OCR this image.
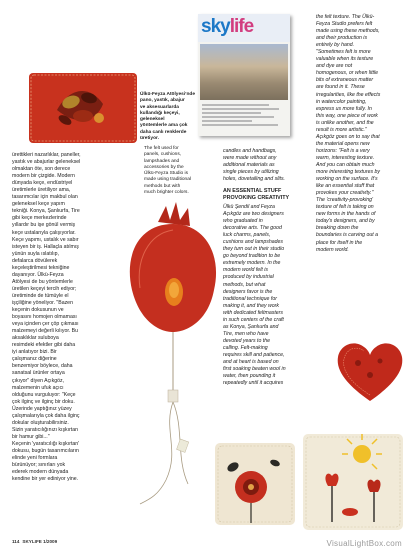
Ülkü-Feyza Atölyesi’nde
pano, yastık, abajur
ve aksesuarlarda
kullandığı keçeyi,
geleneksel
yöntemlerle ama çok
daha canlı renklerde
üretiyor.

The felt used for
panels, cushions,
lampshades and
accessories by the
Ülkü-Feyza Studio is
made using traditional
methods but with
much brighter colors.

skylife

ürettikleri nazarlıklar, paneller,
yastık ve abajurlar geleneksel
olmaktan öte, son derece
modern bir çizgide. Modern
dünyada keçe, endüstriyel
üretimlerle üretiliyor ama,
tasarımcılar için makbul olan
geleneksel keçe yapım
tekniği. Konya, Şanlıurfa, Tire
gibi keçe merkezlerinde
yıllardır bu işe gönül vermiş
keçe ustalarıyla çalışıyorlar.
Keçe yapımı, ustalık ve sabır
isteyen bir iş. Hallaçla atılmış
yünün suyla ıslatılıp,
defalarca dövülerek
keçeleştirilmesi tekniğine
dayanıyor. Ülkü-Feyza
Atölyesi de bu yöntemlerle
üretilen keçeyi tercih ediyor;
üretiminde de tümüyle el
işçiliğine yöneliyor. "Bazen
keçenin dokusunun ve
boyasını homojen olmaması
veya içinden çer çöp çıkması
malzemeyi değerli kılıyor. Bu
aksaklıklar suluboya
resimdeki efektler gibi daha
iyi anlatıyor bizi. Bir
çalışmanız diğerine
benzemiyor böylece, daha
sanatsal ürünler ortaya
çıkıyor" diyen Açıkgöz,
malzemenin ufuk açıcı
olduğunu vurguluyor: "Keçe
çok ilginç ve ilginç bir doku.
Üzerinde yaptığınız yüzey
çalışmalarıyla çok daha ilginç
dokular oluşturabilirsiniz.
Sizin yaratıcılığınızı kışkırtan
bir hamur gibi..."
Keçenin 'yaratıcılığı kışkırtan'
dokusu, bugün tasarımcıların
elinde yeni formlara
bürünüyor; sınırları yok
ederek modern dünyada
kendine bir yer ediniyor yine.

candles and handbags,
were made without any
additional materials as
single pieces by utilizing
holes, dovetailing and slits.

AN ESSENTIAL STUFF
PROVOKING CREATIVITY

Ülkü Şendil and Feyza
Açıkgöz are two designers
who graduated in
decorative arts. The good
luck charms, panels,
cushions and lampshades
they turn out in their studio
go beyond tradition to be
extremely modern. In the
modern world felt is
produced by industrial
methods, but what
designers favor is the
traditional technique for
making it, and they work
with dedicated feltmasters
in such centers of the craft
as Konya, Şanlıurfa and
Tire, men who have
devoted years to the
calling. Felt-making
requires skill and patience,
and at heart is based on
first soaking beaten wool in
water, then pounding it
repeatedly until it acquires

the felt texture. The Ülkü-
Feyza Studio prefers felt
made using these methods,
and their production is
entirely by hand.
"Sometimes felt is more
valuable when its texture
and dye are not
homogenous, or when little
bits of extraneous matter
are found in it. These
irregularities, like the effects
in watercolor painting,
express us more fully. In
this way, one piece of work
is unlike another, and the
result is more artistic."
Açıkgöz goes on to say that
the material opens new
horizons: "Felt is a very
warm, interesting texture.
And you can obtain much
more interesting textures by
working on the surface. It's
like an essential stuff that
provokes your creativity."
The 'creativity-provoking'
texture of felt is taking on
new forms in the hands of
today's designers, and by
breaking down the
boundaries is carving out a
place for itself in the
modern world.

114 SKYLIFE 1/2009	VisualLightBox.com
